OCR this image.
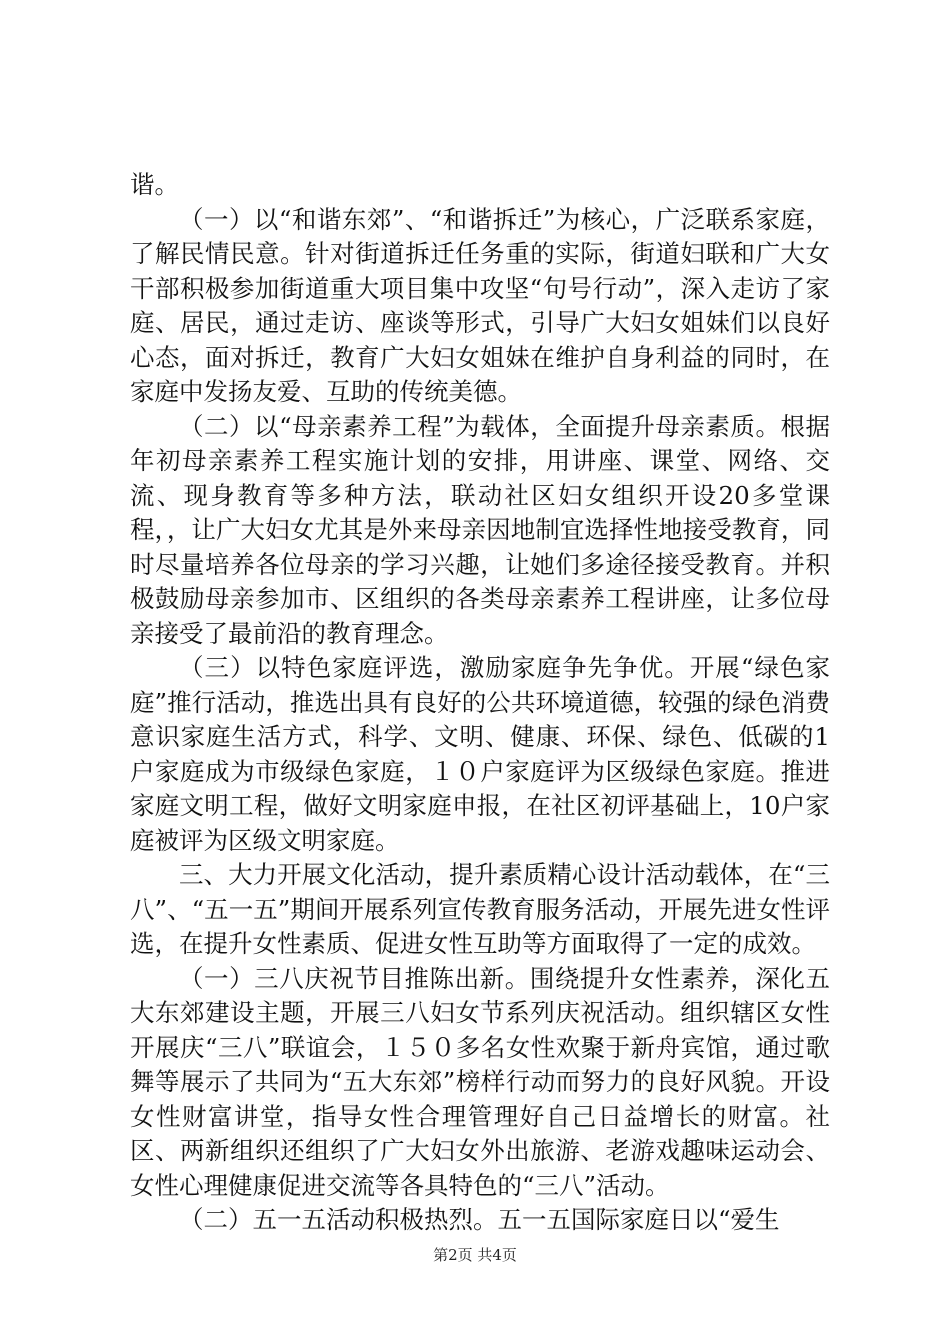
谐。

（一）以“和谐东郊”、“和谐拆迁”为核心，广泛联系家庭，了解民情民意。针对街道拆迁任务重的实际，街道妇联和广大女干部积极参加街道重大项目集中攻坚“句号行动”，深入走访了家庭、居民，通过走访、座谈等形式，引导广大妇女姐妹们以良好心态，面对拆迁，教育广大妇女姐妹在维护自身利益的同时，在家庭中发扬友爱、互助的传统美德。

（二）以“母亲素养工程”为载体，全面提升母亲素质。根据年初母亲素养工程实施计划的安排，用讲座、课堂、网络、交流、现身教育等多种方法，联动社区妇女组织开设20多堂课程，，让广大妇女尤其是外来母亲因地制宜选择性地接受教育，同时尽量培养各位母亲的学习兴趣，让她们多途径接受教育。并积极鼓励母亲参加市、区组织的各类母亲素养工程讲座，让多位母亲接受了最前沿的教育理念。

（三）以特色家庭评选，激励家庭争先争优。开展“绿色家庭”推行活动，推选出具有良好的公共环境道德，较强的绿色消费意识家庭生活方式，科学、文明、健康、环保、绿色、低碳的1户家庭成为市级绿色家庭，１０户家庭评为区级绿色家庭。推进家庭文明工程，做好文明家庭申报，在社区初评基础上，10户家庭被评为区级文明家庭。

三、大力开展文化活动，提升素质精心设计活动载体，在“三八”、“五一五”期间开展系列宣传教育服务活动，开展先进女性评选，在提升女性素质、促进女性互助等方面取得了一定的成效。

（一）三八庆祝节目推陈出新。围绕提升女性素养，深化五大东郊建设主题，开展三八妇女节系列庆祝活动。组织辖区女性开展庆“三八”联谊会，１５０多名女性欢聚于新舟宾馆，通过歌舞等展示了共同为“五大东郊”榜样行动而努力的良好风貌。开设女性财富讲堂，指导女性合理管理好自己日益增长的财富。社区、两新组织还组织了广大妇女外出旅游、老游戏趣味运动会、女性心理健康促进交流等各具特色的“三八”活动。

（二）五一五活动积极热烈。五一五国际家庭日以“爱生

第2页 共4页
